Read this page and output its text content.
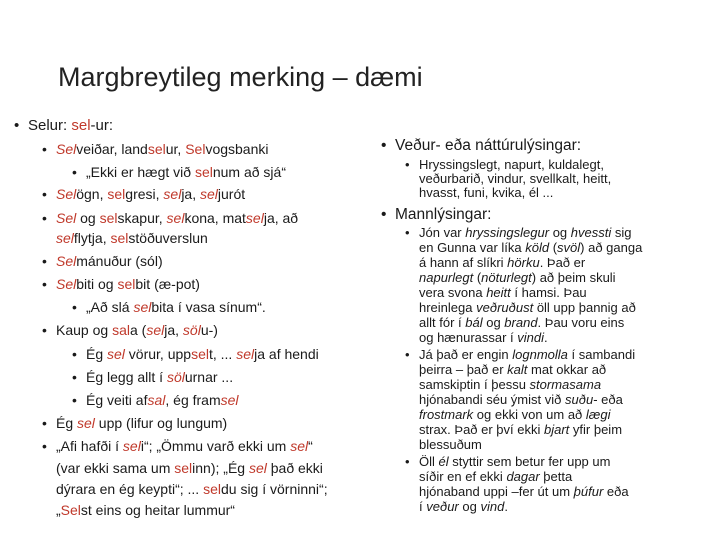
Margbreytileg merking – dæmi
• Selur: sel-ur:
• Selveiðar, landselur, Selvogsbanki
• „Ekki er hægt við selnum að sjá“
• Selögn, selgresi, selja, seljurót
• Sel og selskapur, selkona, matselja, að
selflytja, selstöðuverslun
• Selmánuður (sól)
• Selbiti og selbit (æ-pot)
• „Að slá selbita í vasa sínum“.
• Kaup og sala (selja, sölu-)
• Ég sel vörur, uppselt, ... selja af hendi
• Ég legg allt í sölurnar ...
• Ég veiti afsal, ég framsel
• Ég sel upp (lifur og lungum)
• „Afi hafði í seli“; „Ömmu varð ekki um sel“
(var ekki sama um selinn); „Ég sel það ekki
dýrara en ég keypti“; ... seldu sig í vörninni“;
„Selst eins og heitar lummur“
• Veður- eða náttúrulýsingar:
• Hryssingslegt, napurt, kuldalegt,
veðurbarið, vindur, svellkalt, heitt,
hvasst, funi, kvika, él ...
• Mannlýsingar:
• Jón var hryssingslegur og hvessti sig
en Gunna var líka köld (svöl) að ganga
á hann af slíkri hörku. Það er
napurlegt (nöturlegt) að þeim skuli
vera svona heitt í hamsi. Þau
hreinlega veðruðust öll upp þannig að
allt fór í bál og brand. Þau voru eins
og hænurassar í vindi.
• Já það er engin lognmolla í sambandi
þeirra – það er kalt mat okkar að
samskiptin í þessu stormasama
hjónabandi séu ýmist við suðu- eða
frostmark og ekki von um að lægi
strax. Það er því ekki bjart yfir þeim
blessuðum
• Öll él styttir sem betur fer upp um
síðir en ef ekki dagar þetta
hjónaband uppi –fer út um þúfur eða
í veður og vind.
